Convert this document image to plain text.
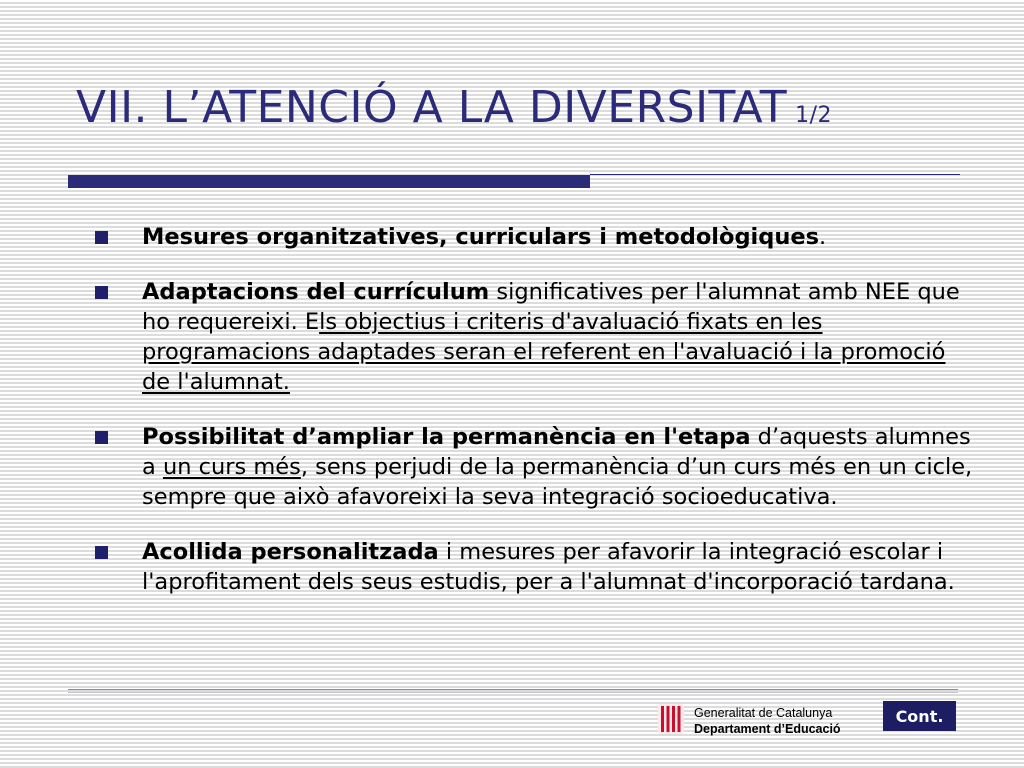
VII. L’ATENCIÓ A LA DIVERSITAT 1/2
Mesures organitzatives, curriculars i metodològiques.
Adaptacions del currículum significatives per l'alumnat amb NEE que ho requereixi. Els objectius i criteris d'avaluació fixats en les programacions adaptades seran el referent en l'avaluació i la promoció de l'alumnat.
Possibilitat d’ampliar la permanència en l'etapa d’aquests alumnes a un curs més, sens perjudi de la permanència d’un curs més en un cicle, sempre que això afavoreixi la seva integració socioeducativa.
Acollida personalitzada i mesures per afavorir la integració escolar i l'aprofitament dels seus estudis, per a l'alumnat d'incorporació tardana.
Generalitat de Catalunya
Departament d’Educació
Cont.
